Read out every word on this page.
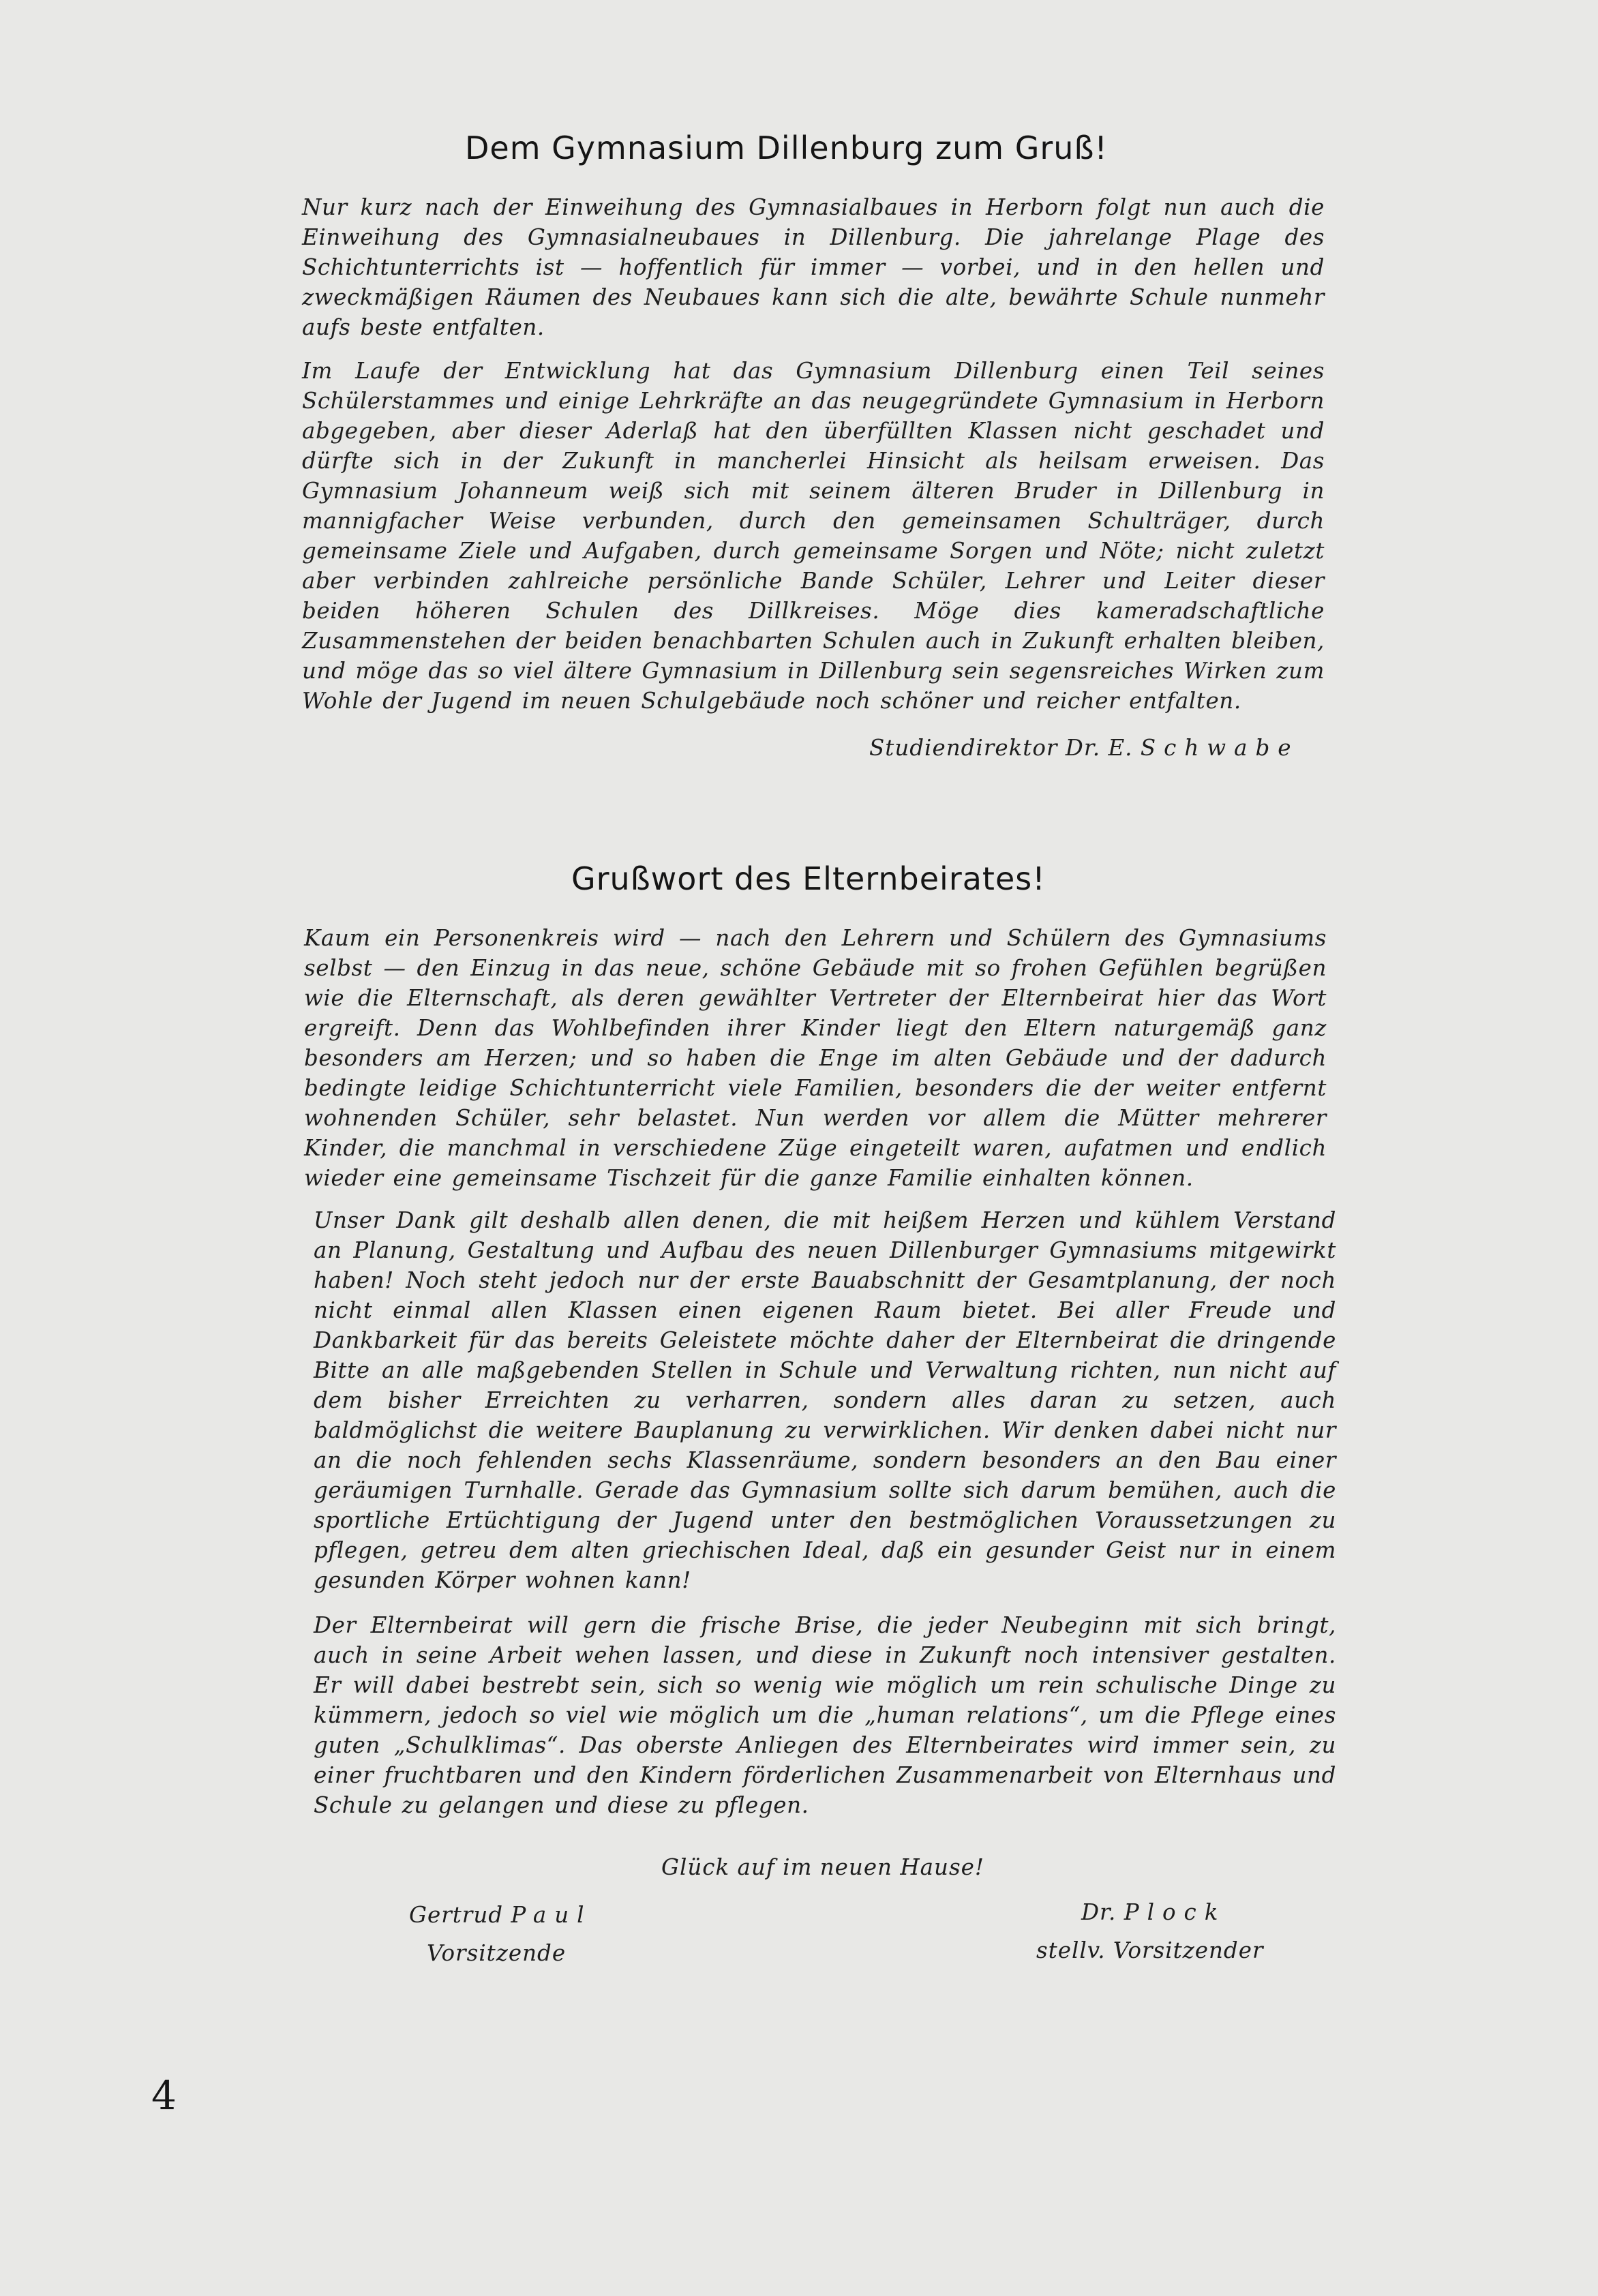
Dem Gymnasium Dillenburg zum Gruß!
Nur kurz nach der Einweihung des Gymnasialbaues in Herborn folgt nun auch die Einweihung des Gymnasialneubaues in Dillenburg. Die jahrelange Plage des Schichtunterrichts ist — hoffentlich für immer — vorbei, und in den hellen und zweckmäßigen Räumen des Neubaues kann sich die alte, bewährte Schule nunmehr aufs beste entfalten.
Im Laufe der Entwicklung hat das Gymnasium Dillenburg einen Teil seines Schülerstammes und einige Lehrkräfte an das neugegründete Gymnasium in Herborn abgegeben, aber dieser Aderlaß hat den überfüllten Klassen nicht geschadet und dürfte sich in der Zukunft in mancherlei Hinsicht als heilsam erweisen. Das Gymnasium Johanneum weiß sich mit seinem älteren Bruder in Dillenburg in mannigfacher Weise verbunden, durch den gemeinsamen Schulträger, durch gemeinsame Ziele und Aufgaben, durch gemeinsame Sorgen und Nöte; nicht zuletzt aber verbinden zahlreiche persönliche Bande Schüler, Lehrer und Leiter dieser beiden höheren Schulen des Dillkreises. Möge dies kameradschaftliche Zusammenstehen der beiden benachbarten Schulen auch in Zukunft erhalten bleiben, und möge das so viel ältere Gymnasium in Dillenburg sein segensreiches Wirken zum Wohle der Jugend im neuen Schulgebäude noch schöner und reicher entfalten.
Studiendirektor Dr. E. Schwabe
Grußwort des Elternbeirates!
Kaum ein Personenkreis wird — nach den Lehrern und Schülern des Gymnasiums selbst — den Einzug in das neue, schöne Gebäude mit so frohen Gefühlen begrüßen wie die Elternschaft, als deren gewählter Vertreter der Elternbeirat hier das Wort ergreift. Denn das Wohlbefinden ihrer Kinder liegt den Eltern naturgemäß ganz besonders am Herzen; und so haben die Enge im alten Gebäude und der dadurch bedingte leidige Schichtunterricht viele Familien, besonders die der weiter entfernt wohnenden Schüler, sehr belastet. Nun werden vor allem die Mütter mehrerer Kinder, die manchmal in verschiedene Züge eingeteilt waren, aufatmen und endlich wieder eine gemeinsame Tischzeit für die ganze Familie einhalten können.
Unser Dank gilt deshalb allen denen, die mit heißem Herzen und kühlem Verstand an Planung, Gestaltung und Aufbau des neuen Dillenburger Gymnasiums mitgewirkt haben! Noch steht jedoch nur der erste Bauabschnitt der Gesamtplanung, der noch nicht einmal allen Klassen einen eigenen Raum bietet. Bei aller Freude und Dankbarkeit für das bereits Geleistete möchte daher der Elternbeirat die dringende Bitte an alle maßgebenden Stellen in Schule und Verwaltung richten, nun nicht auf dem bisher Erreichten zu verharren, sondern alles daran zu setzen, auch baldmöglichst die weitere Bauplanung zu verwirklichen. Wir denken dabei nicht nur an die noch fehlenden sechs Klassenräume, sondern besonders an den Bau einer geräumigen Turnhalle. Gerade das Gymnasium sollte sich darum bemühen, auch die sportliche Ertüchtigung der Jugend unter den bestmöglichen Voraussetzungen zu pflegen, getreu dem alten griechischen Ideal, daß ein gesunder Geist nur in einem gesunden Körper wohnen kann!
Der Elternbeirat will gern die frische Brise, die jeder Neubeginn mit sich bringt, auch in seine Arbeit wehen lassen, und diese in Zukunft noch intensiver gestalten. Er will dabei bestrebt sein, sich so wenig wie möglich um rein schulische Dinge zu kümmern, jedoch so viel wie möglich um die „human relations“, um die Pflege eines guten „Schulklimas“. Das oberste Anliegen des Elternbeirates wird immer sein, zu einer fruchtbaren und den Kindern förderlichen Zusammenarbeit von Elternhaus und Schule zu gelangen und diese zu pflegen.
Glück auf im neuen Hause!
Gertrud Paul
Vorsitzende
Dr. Plock
stellv. Vorsitzender
4
